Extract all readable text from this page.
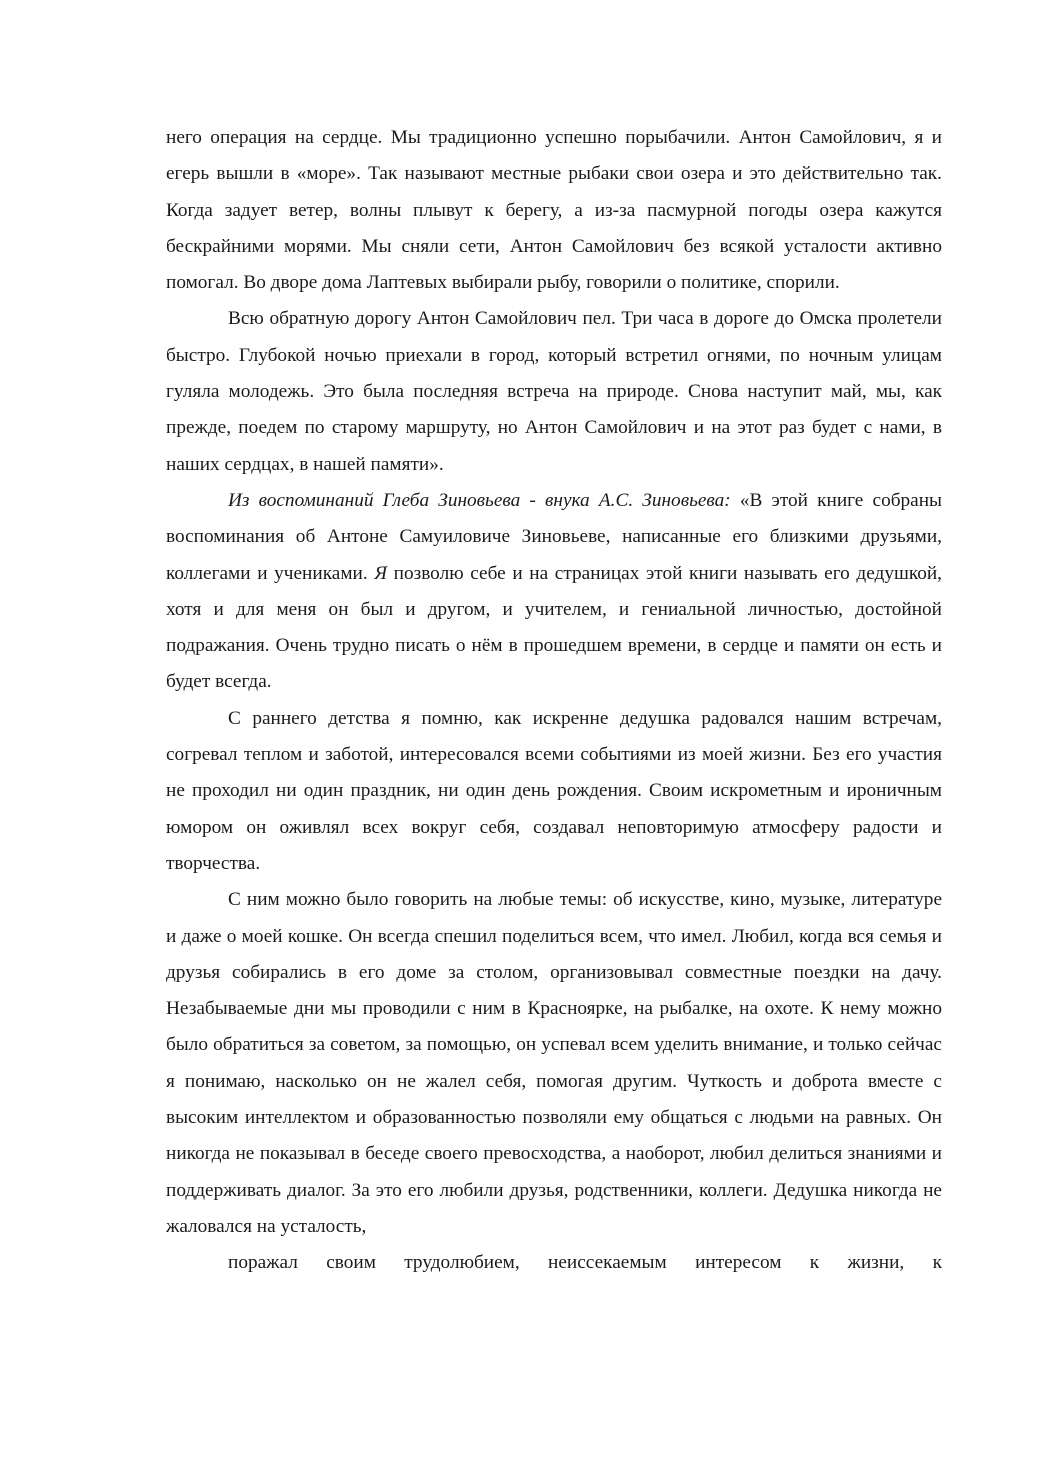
него операция на сердце. Мы традиционно успешно порыбачили. Антон Самойлович, я и егерь вышли в «море». Так называют местные рыбаки свои озера и это действительно так. Когда задует ветер, волны плывут к берегу, а из-за пасмурной погоды озера кажутся бескрайними морями. Мы сняли сети, Антон Самойлович без всякой усталости активно помогал. Во дворе дома Лаптевых выбирали рыбу, говорили о политике, спорили.

Всю обратную дорогу Антон Самойлович пел. Три часа в дороге до Омска пролетели быстро. Глубокой ночью приехали в город, который встретил огнями, по ночным улицам гуляла молодежь. Это была последняя встреча на природе. Снова наступит май, мы, как прежде, поедем по старому маршруту, но Антон Самойлович и на этот раз будет с нами, в наших сердцах, в нашей памяти».

Из воспоминаний Глеба Зиновьева - внука А.С. Зиновьева: «В этой книге собраны воспоминания об Антоне Самуиловиче Зиновьеве, написанные его близкими друзьями, коллегами и учениками. Я позволю себе и на страницах этой книги называть его дедушкой, хотя и для меня он был и другом, и учителем, и гениальной личностью, достойной подражания. Очень трудно писать о нём в прошедшем времени, в сердце и памяти он есть и будет всегда.

С раннего детства я помню, как искренне дедушка радовался нашим встречам, согревал теплом и заботой, интересовался всеми событиями из моей жизни. Без его участия не проходил ни один праздник, ни один день рождения. Своим искрометным и ироничным юмором он оживлял всех вокруг себя, создавал неповторимую атмосферу радости и творчества.

С ним можно было говорить на любые темы: об искусстве, кино, музыке, литературе и даже о моей кошке. Он всегда спешил поделиться всем, что имел. Любил, когда вся семья и друзья собирались в его доме за столом, организовывал совместные поездки на дачу. Незабываемые дни мы проводили с ним в Красноярке, на рыбалке, на охоте. К нему можно было обратиться за советом, за помощью, он успевал всем уделить внимание, и только сейчас я понимаю, насколько он не жалел себя, помогая другим. Чуткость и доброта вместе с высоким интеллектом и образованностью позволяли ему общаться с людьми на равных. Он никогда не показывал в беседе своего превосходства, а наоборот, любил делиться знаниями и поддерживать диалог. За это его любили друзья, родственники, коллеги. Дедушка никогда не жаловался на усталость,

поражал своим трудолюбием, неиссекаемым интересом к жизни, к
